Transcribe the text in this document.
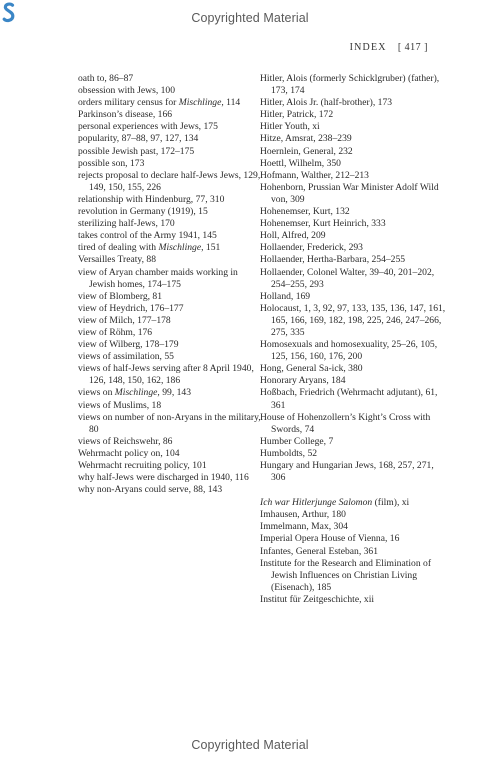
Copyrighted Material
INDEX [ 417 ]

oath to, 86–87

obsession with Jews, 100

orders military census for Mischlinge, 114

Parkinson’s disease, 166

personal experiences with Jews, 175

popularity, 87–88, 97, 127, 134

possible Jewish past, 172–175

possible son, 173

rejects proposal to declare half-Jews Jews, 129, 149, 150, 155, 226

relationship with Hindenburg, 77, 310

revolution in Germany (1919), 15

sterilizing half-Jews, 170

takes control of the Army 1941, 145

tired of dealing with Mischlinge, 151

Versailles Treaty, 88

view of Aryan chamber maids working in Jewish homes, 174–175

view of Blomberg, 81

view of Heydrich, 176–177

view of Milch, 177–178

view of Röhm, 176

view of Wilberg, 178–179

views of assimilation, 55

views of half-Jews serving after 8 April 1940, 126, 148, 150, 162, 186

views on Mischlinge, 99, 143

views of Muslims, 18

views on number of non-Aryans in the military, 80

views of Reichswehr, 86

Wehrmacht policy on, 104

Wehrmacht recruiting policy, 101

why half-Jews were discharged in 1940, 116

why non-Aryans could serve, 88, 143

Hitler, Alois (formerly Schicklgruber) (father), 173, 174

Hitler, Alois Jr. (half-brother), 173

Hitler, Patrick, 172

Hitler Youth, xi

Hitze, Amsrat, 238–239

Hoernlein, General, 232

Hoettl, Wilhelm, 350

Hofmann, Walther, 212–213

Hohenborn, Prussian War Minister Adolf Wild von, 309

Hohenemser, Kurt, 132

Hohenemser, Kurt Heinrich, 333

Holl, Alfred, 209

Hollaender, Frederick, 293

Hollaender, Hertha-Barbara, 254–255

Hollaender, Colonel Walter, 39–40, 201–202, 254–255, 293

Holland, 169

Holocaust, 1, 3, 92, 97, 133, 135, 136, 147, 161, 165, 166, 169, 182, 198, 225, 246, 247–266, 275, 335

Homosexuals and homosexuality, 25–26, 105, 125, 156, 160, 176, 200

Hong, General Sa-ick, 380

Honorary Aryans, 184

Hoßbach, Friedrich (Wehrmacht adjutant), 61, 361

House of Hohenzollern’s Kight’s Cross with Swords, 74

Humber College, 7

Humboldts, 52

Hungary and Hungarian Jews, 168, 257, 271, 306

Ich war Hitlerjunge Salomon (film), xi

Imhausen, Arthur, 180

Immelmann, Max, 304

Imperial Opera House of Vienna, 16

Infantes, General Esteban, 361

Institute for the Research and Elimination of Jewish Influences on Christian Living (Eisenach), 185

Institut für Zeitgeschichte, xii

Copyrighted Material
